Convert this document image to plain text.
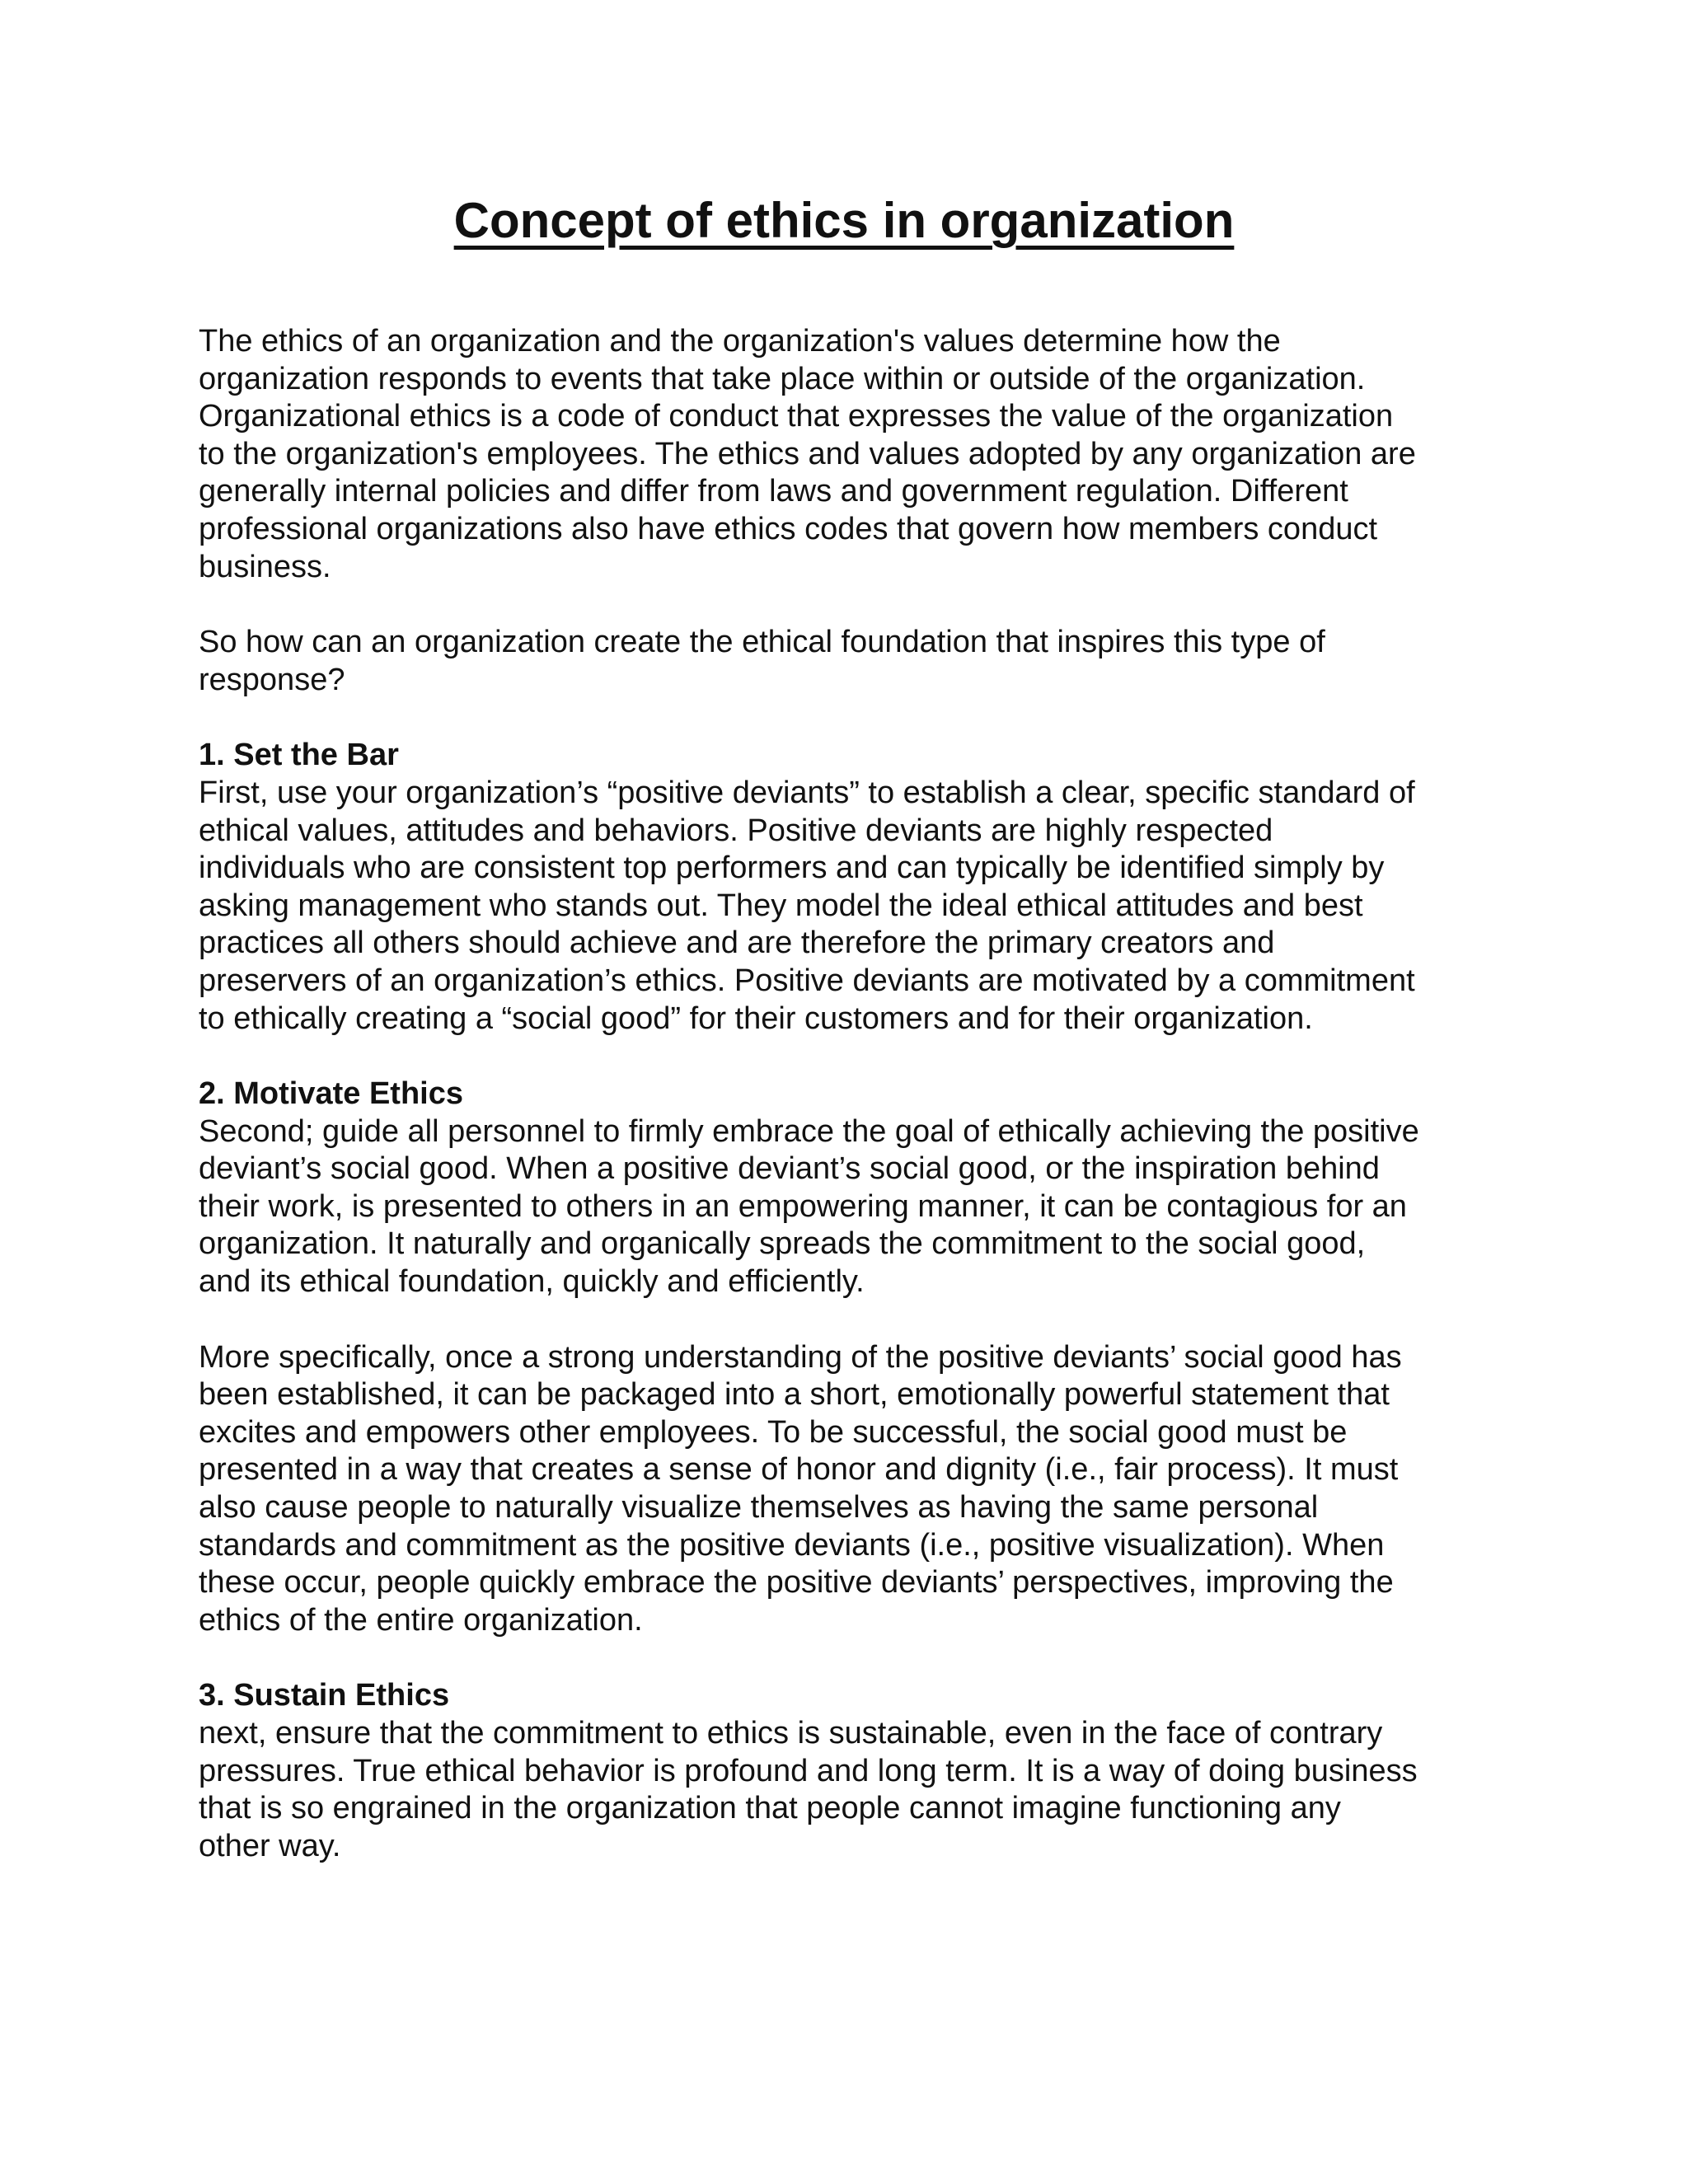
Concept of ethics in organization

The ethics of an organization and the organization's values determine how the
organization responds to events that take place within or outside of the organization.
Organizational ethics is a code of conduct that expresses the value of the organization
to the organization's employees. The ethics and values adopted by any organization are
generally internal policies and differ from laws and government regulation. Different
professional organizations also have ethics codes that govern how members conduct
business.

So how can an organization create the ethical foundation that inspires this type of
response?

1. Set the Bar

First, use your organization’s “positive deviants” to establish a clear, specific standard of
ethical values, attitudes and behaviors. Positive deviants are highly respected
individuals who are consistent top performers and can typically be identified simply by
asking management who stands out. They model the ideal ethical attitudes and best
practices all others should achieve and are therefore the primary creators and
preservers of an organization’s ethics. Positive deviants are motivated by a commitment
to ethically creating a “social good” for their customers and for their organization.

2. Motivate Ethics

Second; guide all personnel to firmly embrace the goal of ethically achieving the positive
deviant’s social good. When a positive deviant’s social good, or the inspiration behind
their work, is presented to others in an empowering manner, it can be contagious for an
organization. It naturally and organically spreads the commitment to the social good,
and its ethical foundation, quickly and efficiently.

More specifically, once a strong understanding of the positive deviants’ social good has
been established, it can be packaged into a short, emotionally powerful statement that
excites and empowers other employees. To be successful, the social good must be
presented in a way that creates a sense of honor and dignity (i.e., fair process). It must
also cause people to naturally visualize themselves as having the same personal
standards and commitment as the positive deviants (i.e., positive visualization). When
these occur, people quickly embrace the positive deviants’ perspectives, improving the
ethics of the entire organization.

3. Sustain Ethics

next, ensure that the commitment to ethics is sustainable, even in the face of contrary
pressures. True ethical behavior is profound and long term. It is a way of doing business
that is so engrained in the organization that people cannot imagine functioning any
other way.
